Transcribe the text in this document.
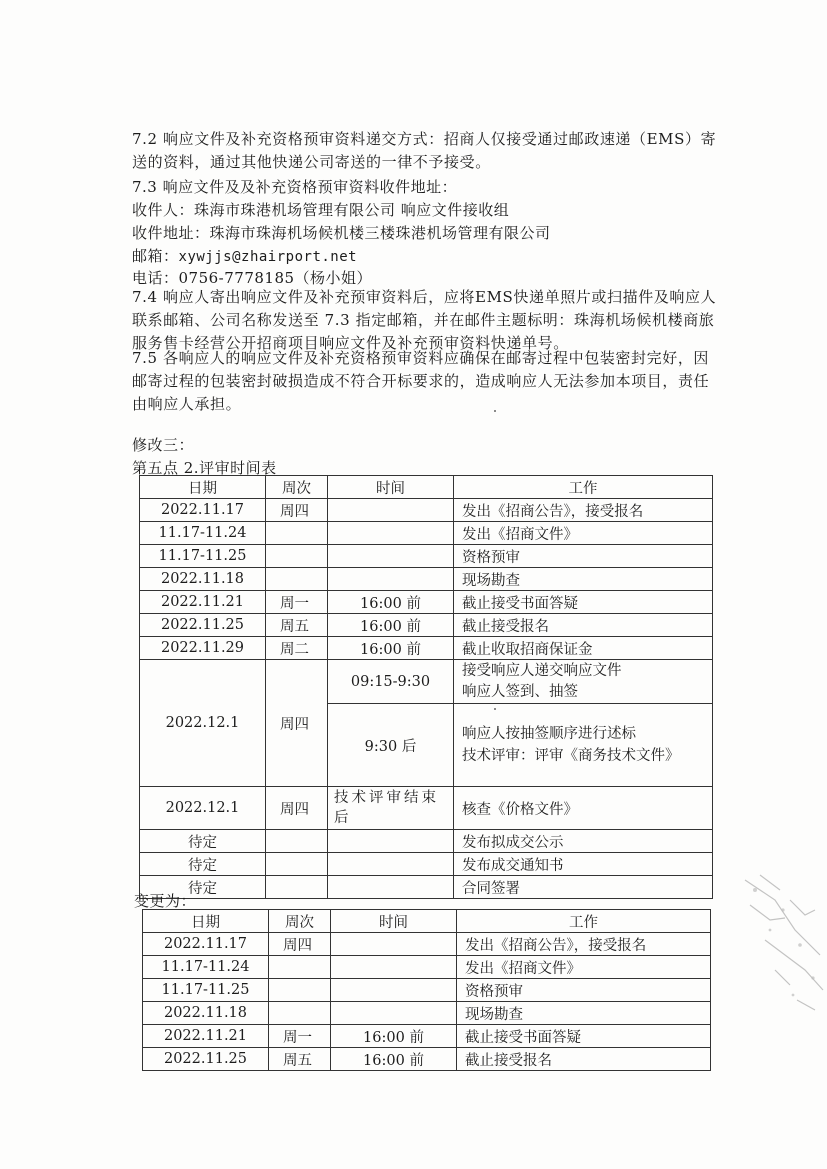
7.2 响应文件及补充资格预审资料递交方式：招商人仅接受通过邮政速递（EMS）寄送的资料，通过其他快递公司寄送的一律不予接受。
7.3 响应文件及及补充资格预审资料收件地址：
收件人：珠海市珠港机场管理有限公司 响应文件接收组
收件地址：珠海市珠海机场候机楼三楼珠港机场管理有限公司
邮箱：xywjjs@zhairport.net
电话：0756-7778185（杨小姐）
7.4 响应人寄出响应文件及补充预审资料后，应将EMS快递单照片或扫描件及响应人联系邮箱、公司名称发送至 7.3 指定邮箱，并在邮件主题标明：珠海机场候机楼商旅服务售卡经营公开招商项目响应文件及补充预审资料快递单号。
7.5 各响应人的响应文件及补充资格预审资料应确保在邮寄过程中包装密封完好，因邮寄过程的包装密封破损造成不符合开标要求的，造成响应人无法参加本项目，责任由响应人承担。
修改三：
第五点 2.评审时间表
日期	周次	时间	工作
2022.11.17	周四		发出《招商公告》，接受报名
11.17-11.24			发出《招商文件》
11.17-11.25			资格预审
2022.11.18			现场勘查
2022.11.21	周一	16:00 前	截止接受书面答疑
2022.11.25	周五	16:00 前	截止接受报名
2022.11.29	周二	16:00 前	截止收取招商保证金
2022.12.1	周四	09:15-9:30	接受响应人递交响应文件
响应人签到、抽签
		9:30 后	响应人按抽签顺序进行述标
技术评审：评审《商务技术文件》
2022.12.1	周四	技术评审结束后	核查《价格文件》
待定			发布拟成交公示
待定			发布成交通知书
待定			合同签署
变更为：
日期	周次	时间	工作
2022.11.17	周四		发出《招商公告》，接受报名
11.17-11.24			发出《招商文件》
11.17-11.25			资格预审
2022.11.18			现场勘查
2022.11.21	周一	16:00 前	截止接受书面答疑
2022.11.25	周五	16:00 前	截止接受报名
